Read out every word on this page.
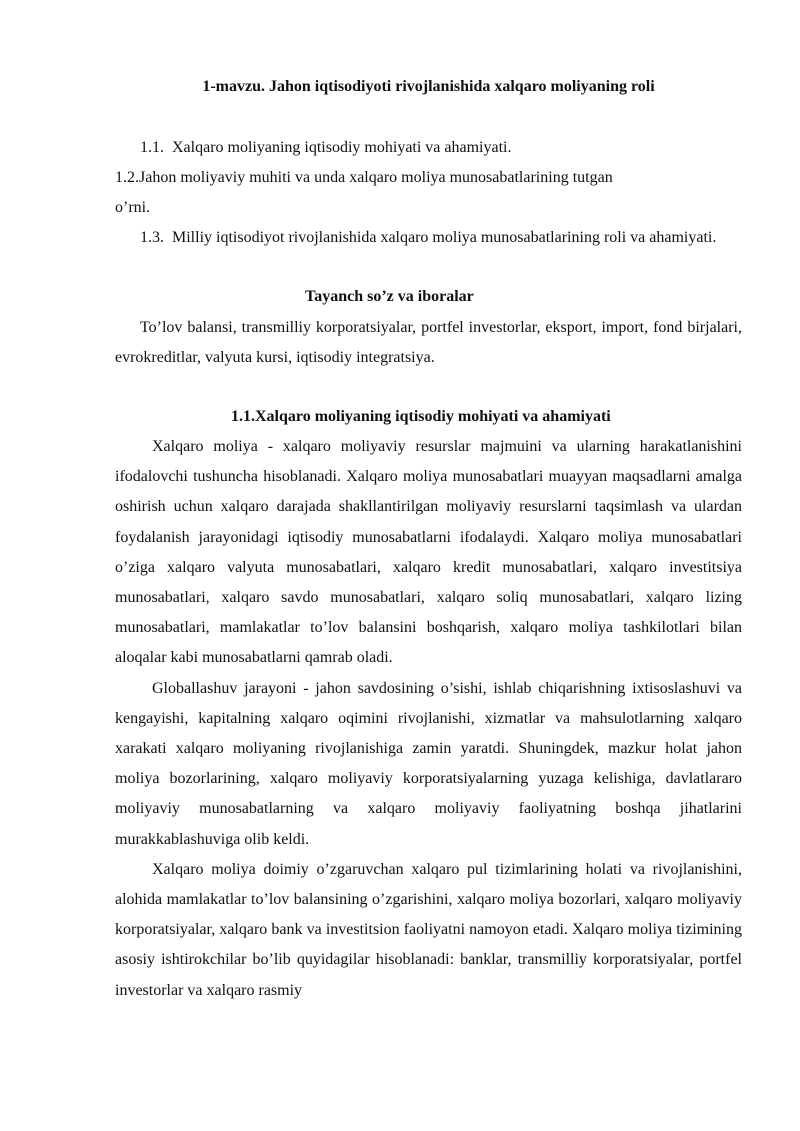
1-mavzu. Jahon iqtisodiyoti rivojlanishida xalqaro moliyaning roli
1.1. Xalqaro moliyaning iqtisodiy mohiyati va ahamiyati.
1.2.Jahon moliyaviy muhiti va unda xalqaro moliya munosabatlarining tutgan
o’rni.
1.3. Milliy iqtisodiyot rivojlanishida xalqaro moliya munosabatlarining roli va ahamiyati.
Tayanch so’z va iboralar
To’lov balansi, transmilliy korporatsiyalar, portfel investorlar, eksport, import, fond birjalari, evrokreditlar, valyuta kursi, iqtisodiy integratsiya.
1.1.Xalqaro moliyaning iqtisodiy mohiyati va ahamiyati

Xalqaro moliya - xalqaro moliyaviy resurslar majmuini va ularning harakatlanishini ifodalovchi tushuncha hisoblanadi. Xalqaro moliya munosabatlari muayyan maqsadlarni amalga oshirish uchun xalqaro darajada shakllantirilgan moliyaviy resurslarni taqsimlash va ulardan foydalanish jarayonidagi iqtisodiy munosabatlarni ifodalaydi. Xalqaro moliya munosabatlari o’ziga xalqaro valyuta munosabatlari, xalqaro kredit munosabatlari, xalqaro investitsiya munosabatlari, xalqaro savdo munosabatlari, xalqaro soliq munosabatlari, xalqaro lizing munosabatlari, mamlakatlar to’lov balansini boshqarish, xalqaro moliya tashkilotlari bilan aloqalar kabi munosabatlarni qamrab oladi.

Globallashuv jarayoni - jahon savdosining o’sishi, ishlab chiqarishning ixtisoslashuvi va kengayishi, kapitalning xalqaro oqimini rivojlanishi, xizmatlar va mahsulotlarning xalqaro xarakati xalqaro moliyaning rivojlanishiga zamin yaratdi. Shuningdek, mazkur holat jahon moliya bozorlarining, xalqaro moliyaviy korporatsiyalarning yuzaga kelishiga, davlatlararo moliyaviy munosabatlarning va xalqaro moliyaviy faoliyatning boshqa jihatlarini murakkablashuviga olib keldi.

Xalqaro moliya doimiy o’zgaruvchan xalqaro pul tizimlarining holati va rivojlanishini, alohida mamlakatlar to’lov balansining o’zgarishini, xalqaro moliya bozorlari, xalqaro moliyaviy korporatsiyalar, xalqaro bank va investitsion faoliyatni namoyon etadi. Xalqaro moliya tizimining asosiy ishtirokchilar bo’lib quyidagilar hisoblanadi: banklar, transmilliy korporatsiyalar, portfel investorlar va xalqaro rasmiy
